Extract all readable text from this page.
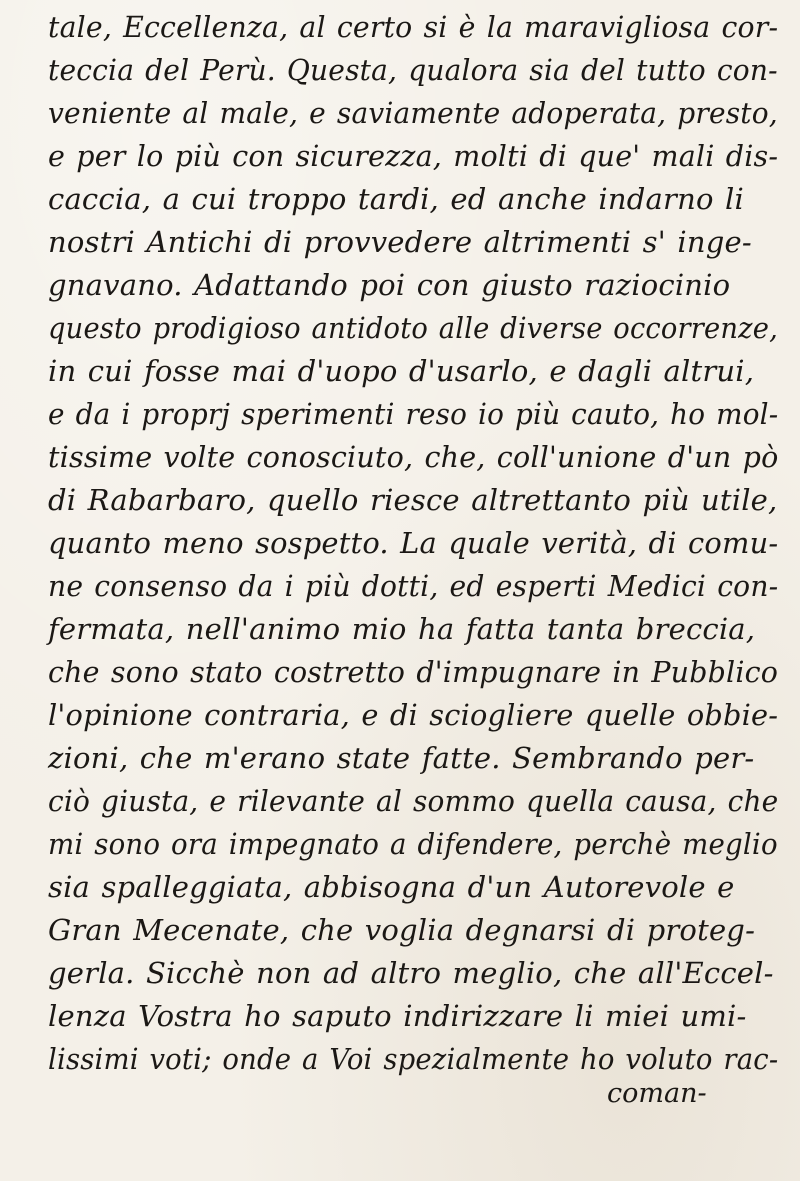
tale, Eccellenza, al certo si è la maravigliosa cor-
teccia del Perù. Questa, qualora sia del tutto con-
veniente al male, e saviamente adoperata, presto,
e per lo più con sicurezza, molti di que' mali dis-
caccia, a cui troppo tardi, ed anche indarno li
nostri Antichi di provvedere altrimenti s' inge-
gnavano. Adattando poi con giusto raziocinio
questo prodigioso antidoto alle diverse occorrenze,
in cui fosse mai d'uopo d'usarlo, e dagli altrui,
e da i proprj sperimenti reso io più cauto, ho mol-
tissime volte conosciuto, che, coll'unione d'un pò
di Rabarbaro, quello riesce altrettanto più utile,
quanto meno sospetto. La quale verità, di comu-
ne consenso da i più dotti, ed esperti Medici con-
fermata, nell'animo mio ha fatta tanta breccia,
che sono stato costretto d'impugnare in Pubblico
l'opinione contraria, e di sciogliere quelle obbie-
zioni, che m'erano state fatte. Sembrando per-
ciò giusta, e rilevante al sommo quella causa, che
mi sono ora impegnato a difendere, perchè meglio
sia spalleggiata, abbisogna d'un Autorevole e
Gran Mecenate, che voglia degnarsi di proteg-
gerla. Sicchè non ad altro meglio, che all'Eccel-
lenza Vostra ho saputo indirizzare li miei umi-
lissimi voti; onde a Voi spezialmente ho voluto rac-
coman-
